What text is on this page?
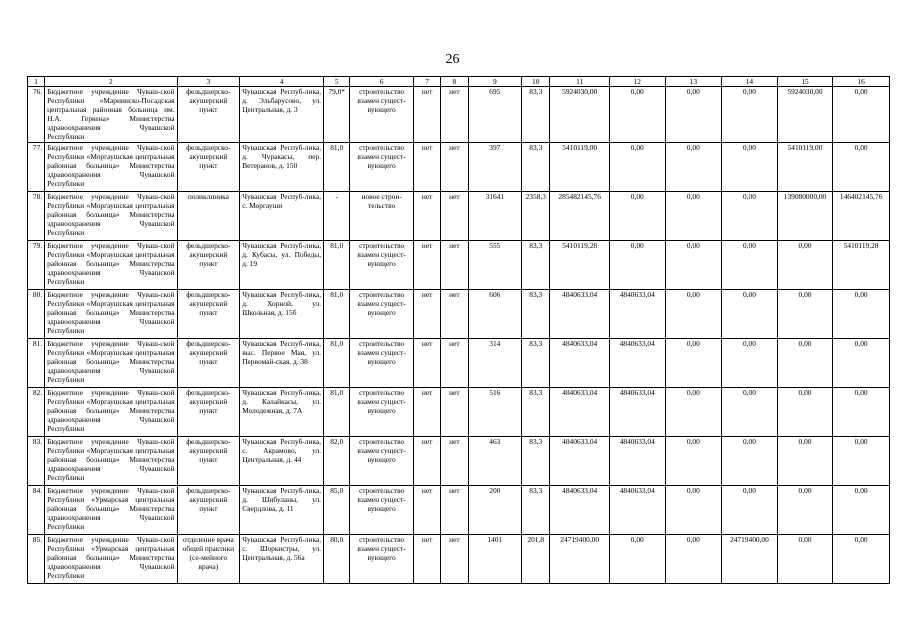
26
1	2	3	4	5	6	7	8	9	10	11	12	13	14	15	16
76.	Бюджетное учреждение Чуваш-ской Республики «Мариинско-Посадская центральная районная больница им. Н.А. Геркена» Министерства здравоохранения Чувашской Республики	фельдшерско-акушерский пункт	Чувашская Респуб-лика, д. Эльбарусово, ул. Центральная, д. 3	79,0*	строительство взамен сущест-вующего	нет	нет	695	83,3	5924030,00	0,00	0,00	0,00	5924030,00	0,00
77.	Бюджетное учреждение Чуваш-ской Республики «Моргаушская центральная районная больница» Министерства здравоохранения Чувашской Республики	фельдшерско-акушерский пункт	Чувашская Респуб-лика, д. Чуракасы, пер. Ветеранов, д. 150	81,0	строительство взамен сущест-вующего	нет	нет	397	83,3	5410119,00	0,00	0,00	0,00	5410119,00	0,00
78.	Бюджетное учреждение Чуваш-ской Республики «Моргаушская центральная районная больница» Министерства здравоохранения Чувашской Республики	поликлиника	Чувашская Респуб-лика, с. Моргауши	-	новое строи-тельство	нет	нет	31641	2358,3	285482145,76	0,00	0,00	0,00	139080000,00	146402145,76
79.	Бюджетное учреждение Чуваш-ской Республики «Моргаушская центральная районная больница» Министерства здравоохранения Чувашской Республики	фельдшерско-акушерский пункт	Чувашская Респуб-лика, д. Кубасы, ул. Победы, д. 19	81,0	строительство взамен сущест-вующего	нет	нет	555	83,3	5410119,28	0,00	0,00	0,00	0,00	5410119,28
80.	Бюджетное учреждение Чуваш-ской Республики «Моргаушская центральная районная больница» Министерства здравоохранения Чувашской Республики	фельдшерско-акушерский пункт	Чувашская Респуб-лика, д. Хорной, ул. Школьная, д. 15б	81,0	строительство взамен сущест-вующего	нет	нет	606	83,3	4840633,04	4840633,04	0,00	0,00	0,00	0,00
81.	Бюджетное учреждение Чуваш-ской Республики «Моргаушская центральная районная больница» Министерства здравоохранения Чувашской Республики	фельдшерско-акушерский пункт	Чувашская Респуб-лика, выс. Первое Мая, ул. Первомай-ская, д. 38	81,0	строительство взамен сущест-вующего	нет	нет	314	83,3	4840633,04	4840633,04	0,00	0,00	0,00	0,00
82.	Бюджетное учреждение Чуваш-ской Республики «Моргаушская центральная районная больница» Министерства здравоохранения Чувашской Республики	фельдшерско-акушерский пункт	Чувашская Респуб-лика, д. Калайкасы, ул. Молодежная, д. 7А	81,0	строительство взамен сущест-вующего	нет	нет	516	83,3	4840633,04	4840633,04	0,00	0,00	0,00	0,00
83.	Бюджетное учреждение Чуваш-ской Республики «Моргаушская центральная районная больница» Министерства здравоохранения Чувашской Республики	фельдшерско-акушерский пункт	Чувашская Респуб-лика, с. Акрамово, ул. Центральная, д. 44	82,0	строительство взамен сущест-вующего	нет	нет	463	83,3	4840633,04	4840633,04	0,00	0,00	0,00	0,00
84.	Бюджетное учреждение Чуваш-ской Республики «Урмарская центральная районная больница» Министерства здравоохранения Чувашской Республики	фельдшерско-акушерский пункт	Чувашская Респуб-лика, д. Шибуланы, ул. Свердлова, д. 11	85,0	строительство взамен сущест-вующего	нет	нет	200	83,3	4840633,04	4840633,04	0,00	0,00	0,00	0,00
85.	Бюджетное учреждение Чуваш-ской Республики «Урмарская центральная районная больница» Министерства здравоохранения Чувашской Республики	отделение врача общей практики (се-мейного врача)	Чувашская Респуб-лика, с. Шоркистры, ул. Центральная, д. 56а	80,0	строительство взамен сущест-вующего	нет	нет	1401	201,8	24719400,00	0,00	0,00	24719400,00	0,00	0,00
